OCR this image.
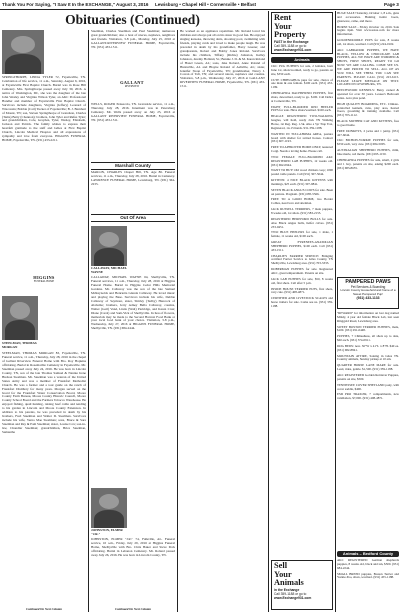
Thank You For Saying, "I Saw It In the EXCHANGE," August 3, 2016 Lewisburg • Chapel Hill • Cornersville • Belfast	Page 3
Obituaries (Continued)
SPRINGTHORPE, LINDA TYLER 72, Fayetteville, TN. Celebration of life service, 11 a.m., Saturday, August 6, 2016, at Fayetteville First Baptist Church. Burial was in Rose Hill Cemetery. Mrs. Springthorpe passed away July 30, 2016. A native of Washington, DC, she was the daughter of the late John Wesley and Virginia Wilson Tyler, an AKC Professional Handler and member of Fayetteville First Baptist Church. Survivors include daughters, Virginia (Jeffery) Leonard of Wisconsin; Bobbie (Carl) Tucker of Fayetteville; B. J. Barnhart of Mount, TN; son, Steven Springthorpe of Grandson, Charles (Tama) Betty (Channon); brothers, John Tyler and Rufus Tyler; and grandchildren, Cole, Grayden, Tyler, Wesley, Elizabeth, Jackson and Patrick. The family wishes to express their heartfelt gratitude to the staff and ladies at First Baptist Church, Lincoln Medical Hospice and all expressions of sympathy and love from everyone. HIGGINS FUNERAL HOME, Fayetteville, TN. (931) 433-2211.
HIGGINS
FUNERAL HOME
STEELMAN, THOMAS MORGAN
STEELMAN, THOMAS MORGAN 83, Fayetteville, TN. Funeral service, 11 a.m., Thursday, July 28, 2016 in the chapel of Gallant Riverview Funeral Home with Bro. Roy Hopkins officiating. Burial in Rosemarble Cemetery in Fayetteville. Mr. Steelman passed away July 24, 2016. He was born in Lincoln County, TN, son of the late Thomas Samuel & Nannie Irene Hudson Steelman. Mr. Steelman was a veteran of the United States Army and was a member of Frankfort Methodist Church. He was a farmer and a tour guide on the ranch of Frankfort Distillery for many years. Morgan served on the board for the Frankfort Water Conservation Board, Moore County Farm Bureau, Moore County Historic Council, Moore County School Board and the Farmers Tobacco Warehouse. He enjoyed fishing, quail hunting, raising beef cattle and tending to his garden in Lincoln and Moore County Extension. In addition to his parents, he was preceded in death by his brothers, Fred Steelman and Walter D. Steelman. Survivors include his wife, Verna Mae Steelman; sons, Bruce & Sara Steelman and Ray & Pam Steelman; sister, Louise Cox; son-in-law, Chandler Steelman; grandchildren, Brice Steelman, Samantha
Continued On Next Column
Steelman, Charlee Steelman and Paul Steelman; numerous great grandchildren; also a host of nieces, nephews, neighbors and friends. Visitation, 3-8 p.m., Monday, July 25, 2016 at GALLANT-RIVERVIEW FUNERAL HOME, Fayetteville, TN. (931) 433-1511.
GALLANT
RIVERVIEW
WELLS, ROGER Pensacola, TN. Graveside service, 11 a.m., Thursday, July 28, 2016. Interment was in Petersburg Cemetery. Mr. Wells passed away on July 25, 2016 at GALLANT RIVERVIEW FUNERAL HOME, Fayetteville, TN. (931) 433-1511.
Marshall County
MARLIN, CHARLES Chapel Hill, TN. Age 86. Funeral services, 11 a.m., Thursday, July 28, 2016. Burial in Cemetery. LAWRENCE FUNERAL HOME, Lewisburg, TN. (931) 364-2235.
Out Of Area
CALLAWAY, MICHAEL WAYNE
CALLAWAY, MICHAEL WAYNE 64, Shelbyville, TN. Funeral services, 11 a.m., Thursday, July 28, 2016 at Higgins Funeral Home. Burial in Higgins Cedar Hills Memorial Gardens. Mr. Callaway was the son of the late Samuel McReynolds and Henrietta Glenda Callaway. He loved music and playing the Base. Survivors include his wife, Debbie Callaway of Seymour, sister, Shirley (Tedby) Hancock of Alabama; brothers, Jerry Adney Bella Callaway, cousins, Walter (Gail) Vand, Linda (Walt) Partridge, and Karen Cruz; Diane (Carol) and Sam-Vick of Shelbyville. In lieu of flowers, memorials may be made to the Second Harvest Food Bank or your local food bank of your choice. Visitation, 3-8 p.m., Wednesday, July 27, 2016 at HIGGINS FUNERAL HOME, Shelbyville, TN. (931) 684-2444.
JOHNSTON, ELMER "J.R."
JOHNSTON, ELMER "J.R." 74, Fulkville, AL. Funeral service, 10 a.m., Friday, July 29, 2016 at Higgins Funeral Home, Shelbyville with Bro. Chris Baker and Steve Peck officiating. Burial in Lebanon Cemetery. Mr. Roland passed away July 26, 2016. He was born in Lincoln County, TN.
Continued On Next Column
He worked as an appliance repairman. Mr. Roland loved his children and always put all on his sister in good fun. He enjoyed singing karaoke, throwing darts, shooting pool, swimming with friends, playing cards and loved to make people laugh. He was preceded in death by his grandfather, Harry Greene; and grandparents, Robert and Bobby Jones Roland. Survivors include his children, Tiffany (Richie) Johnston, Kelley Johnston, Jeremy Holland, Sr.; Bennie J. D. & M. Karen Roland of Hazel Green, AL; sons, Jake Roland, Anne Roland of Huntsville, AL and Blayne Roland of Ashville, AL; sister, Jennifer Sloan of Fayetteville, TN; grandmother, Nancy J. Cowan of Taft, TN; and several nieces, nephews and cousins. Visitation, 5-8 p.m., Wednesday, July 27, 2016 at GALLANT RIVERVIEW FUNERAL HOME, Fayetteville, TN. (931) 433-1511.
Rent
Your
Property
FAST in the Exchange
Call 359-1188 or go to
www.Exchange931.com
Animals
CKC PUG PUPPIES for sale, 2 females, born June 1st, shots/wormed, ready to go, parents on site, $350 each.
CUTE CHIHUAHUA pups for sale, choice of one male & one female. $100 each. (931) 433-1199.
CHIHUAHUA DACHSHUND PUPPIES, first shots, dewormed, ready to go. $100. Call Debra at Cornersville, TN.
EIGHT FULL-BLOODED RED HEELER PUPS for sale. Have shots/wormed. $100 each.
BEAGLE REGISTERED TWO-WALKING beagles, will hold, ready 2wk TN Walking Horse, 1st Reg. Reg. 1-5k. Also a 5yr Trap Trot, Registered, 14-15 hands. 931-359-1188.
WANTED IN TULLAHOMA AREA, pasture board with shelter for retired horses. Contact (931) 607-1193.
FREE TO APPROVED HOME ONLY, neutered Corgi. Needs a loving home. Please call.
TWO FEMALE FULL-BLOODED AKC REGISTERED LAB PUPPIES, 12 weeks old. (931) 692-0944.
WANT TO BUY: Old wood chicken coop; 1000 pound cattle panels. Call (931) 307-5044.
KITTENS: 4 NICE BLACK KITTENS with markings, $25 each. (931) 307-9841.
SEVEN BLACK ANGUS COWS for sale. Been on pasture. Pregnant. (931) 685-5566.
FREE TO A GOOD HOME, two Border Collies, need love and attention.
JACK RUSSELL TERRIERS, 7 male puppies, 8 weeks old, 1st shots. (931) 583-2155.
REGISTERED HEREFORD BULLS for sale. Also Black Angus bulls, heifer calves. (931) 233-0451.
TWO BLUE HEELERS for sale, 1 male, 1 female, 11 weeks old, $100 each.
GREAT PYRENEES-ANATOLIAN SHEPHERD PUPPIES, $100 each. Call (931) 433-1511.
CHARLIE'S FARRIER SERVICE: Bringing certified Farrier Service to Giles County, TN Shelbyville, Lewisburg area. (931) 703-3333.
DOBERMAN PUPPIES for sale. Registered AKC, great temperament. Parents on site.
JACK LAB PUPPIES for sale, $50, 8 weeks old, first shots. Call after 5 p.m.
INSIDE HOUSE TERRIER PUPS, first shots, very cute. (931) 408-4871.
CERTIFIED AND LIVESTOCK SCALES and horse trailers for sale. Come see us. (931) 359-1188.
Sell
Your
Animals
in the Exchange
Call 359-1188 or go to
www.Exchange931.com
HUGE SALE! Saturday, October 1, 8 a.m., guns and accessories. Hunting items: boots, glassware, camo, and more.
HORSE SALE - Friday October 14, 2016. Sale begins 6pm. Visit www.texas.com for more information.
GOLDENDOODLE PUPS for sale, 8 weeks old, 1st shots, wormed. Call (931) 224-0102.
AKC LABRADOR PUPPIES, WE HAVE BLACK, YELLOW & CHOCOLATE LAB PUPPIES, ALL WE HAVE ARE WORMED & SHOTS, FIRST SHOTS, READY TO GO NOW. WE ARE CALLING. COME SEE US. WE ARE PRICED TO SELL. ALL OF AS YOU WILL SEE THEM. YOU CAN SEE PARENTS. PLEASE CALL (931) 223-6115. PLEASE LEAVE MESSAGE ON TEXT. LOCATED IN LEWISBURG, TN.
BEECHWOOD KENNELS: Betsy owned & operated for over 30 years. Lessee's Bedroom suites. Acre plus pond.
HIGH QUALITY BOARDING, ETC. Climate-controlled kennels, runs, play area, heated floors, grooming & training available. Call (931) 703-1112.
BLACK MOTHER CAT AND KITTENS, free to good home.
FREE DONKEYS, 2 jacks and 1 jenny. (931) 427-6044.
CKC BICHON-YORKIE PUPPIES for sale, $550 each, very cute. (931) 684-5005.
AUSTRALIAN SHEPHERD PUPPIES, mini, blue merle, red merle. (931) 695-1150.
CHIHUAHUA PUPPIES for sale, small, 2 girls and 1 boy, parents on site, asking $200 each. (931) 683-8655.
PAMPERED PAWS
Pet Services & Boarding
Lincoln County Household and home of a Sweet Pampered Pup!
(931) 433-1133
"REWARD" for information on lost dog named Mindy, 4 year old female Black Lab, last seen Ringgold Road, Lewisburg area.
SWEET BOSTON TERRIER PUPPIES, male, $100. (931) 291-0448.
PUPPIES, 7 Chihuahuas, all shots up to date, $60 each. (931) 374-0911.
DOG BEDS: new. 36"W x 41"L x 8"H. $40 ea. (931) 682-8841.
MOUNTAIN ATTIRE, Saleing in Giles TN. Country animals, Sunday pickup at 10 am.
QUARTER HORSE LANE MARE for sale. Lead, rides, gentle. $1,500. (931) 359-1188.
AKC REGISTERED Golden Retriever Puppies, parents on site, $500.
TENNESSEE COVER SHETLAND pony, with cover saddle, $400.
ESD PRO TRAILER, 7 compartments, new ventilation, $7,000. (931) 408-4871.
Animals – Bedford County
AKC REGISTERED German shepherds puppies, 8 weeks old, black and tan, $500. (931) 684-2244.
SMALL BREED puppies, Boston Terrier and Yorkie-Poo, shots, wormed. (931) 455-1188.
